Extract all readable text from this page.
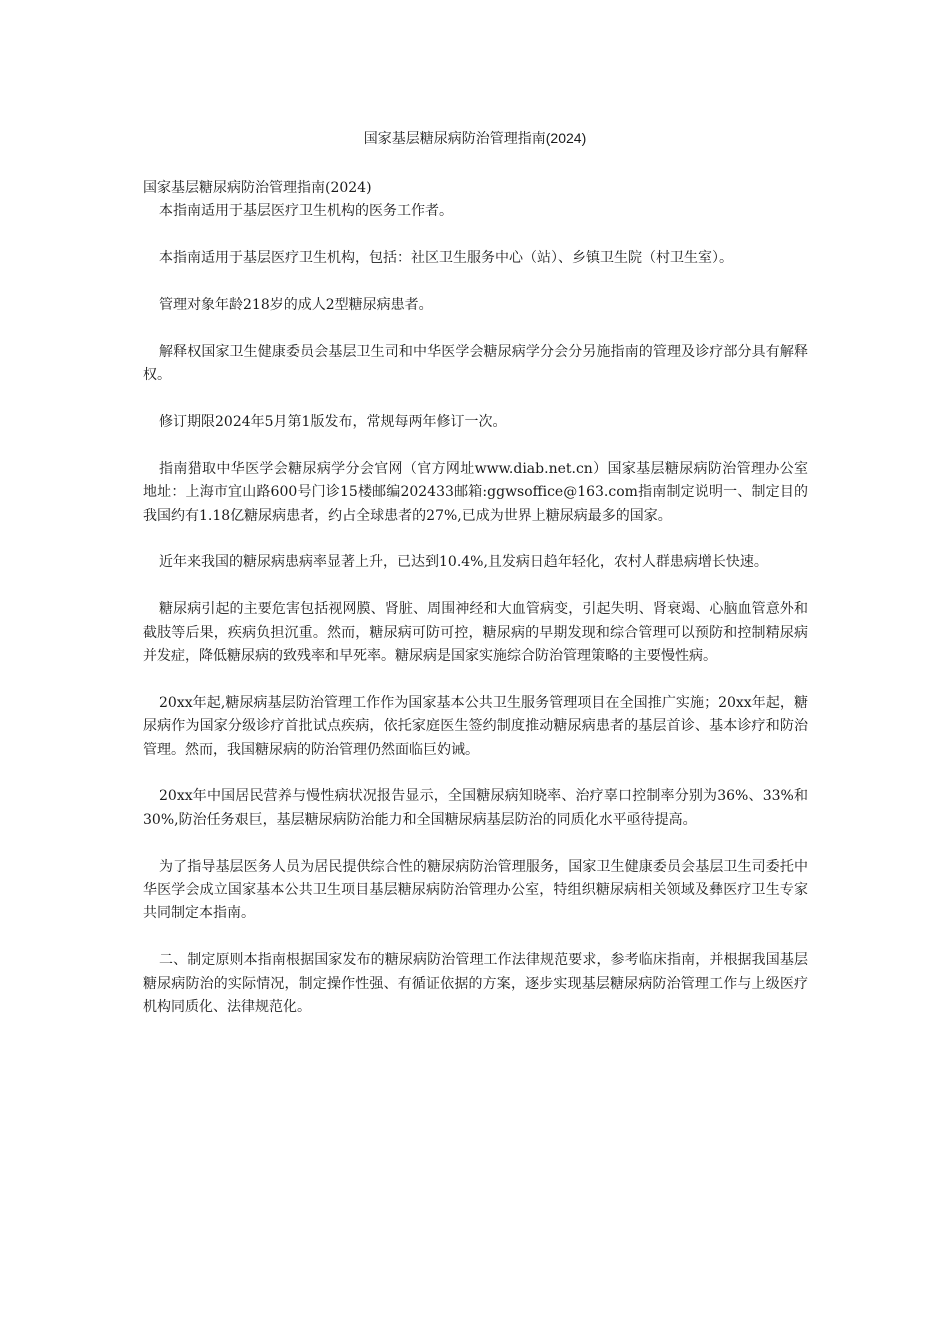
国家基层糖尿病防治管理指南(2024)

国家基层糖尿病防治管理指南(2024)

本指南适用于基层医疗卫生机构的医务工作者。

本指南适用于基层医疗卫生机构，包括：社区卫生服务中心（站）、乡镇卫生院（村卫生室）。

管理对象年龄218岁的成人2型糖尿病患者。

解释权国家卫生健康委员会基层卫生司和中华医学会糖尿病学分会分另施指南的管理及诊疗部分具有解释权。

修订期限2024年5月第1版发布，常规每两年修订一次。

指南猎取中华医学会糖尿病学分会官网（官方网址www.diab.net.cn）国家基层糖尿病防治管理办公室地址：上海市宜山路600号门诊15楼邮编202433邮箱:ggwsoffice@163.com指南制定说明一、制定目的我国约有1.18亿糖尿病患者，约占全球患者的27%,已成为世界上糖尿病最多的国家。

近年来我国的糖尿病患病率显著上升，已达到10.4%,且发病日趋年轻化，农村人群患病增长快速。

糖尿病引起的主要危害包括视网膜、肾脏、周围神经和大血管病变，引起失明、肾衰竭、心脑血管意外和截肢等后果，疾病负担沉重。然而，糖尿病可防可控，糖尿病的早期发现和综合管理可以预防和控制精尿病并发症，降低糖尿病的致残率和早死率。糖尿病是国家实施综合防治管理策略的主要慢性病。

20xx年起,糖尿病基层防治管理工作作为国家基本公共卫生服务管理项目在全国推广实施；20xx年起，糖尿病作为国家分级诊疗首批试点疾病，依托家庭医生签约制度推动糖尿病患者的基层首诊、基本诊疗和防治管理。然而，我国糖尿病的防治管理仍然面临巨妁诫。

20xx年中国居民营养与慢性病状况报告显示，全国糖尿病知晓率、治疗辜口控制率分别为36%、33%和30%,防治任务艰巨，基层糖尿病防治能力和全国糖尿病基层防治的同质化水平亟待提高。

为了指导基层医务人员为居民提供综合性的糖尿病防治管理服务，国家卫生健康委员会基层卫生司委托中华医学会成立国家基本公共卫生项目基层糖尿病防治管理办公室，特组织糖尿病相关领域及彝医疗卫生专家共同制定本指南。

二、制定原则本指南根据国家发布的糖尿病防治管理工作法律规范要求，参考临床指南，并根据我国基层糖尿病防治的实际情况，制定操作性强、有循证依据的方案，逐步实现基层糖尿病防治管理工作与上级医疗机构同质化、法律规范化。
